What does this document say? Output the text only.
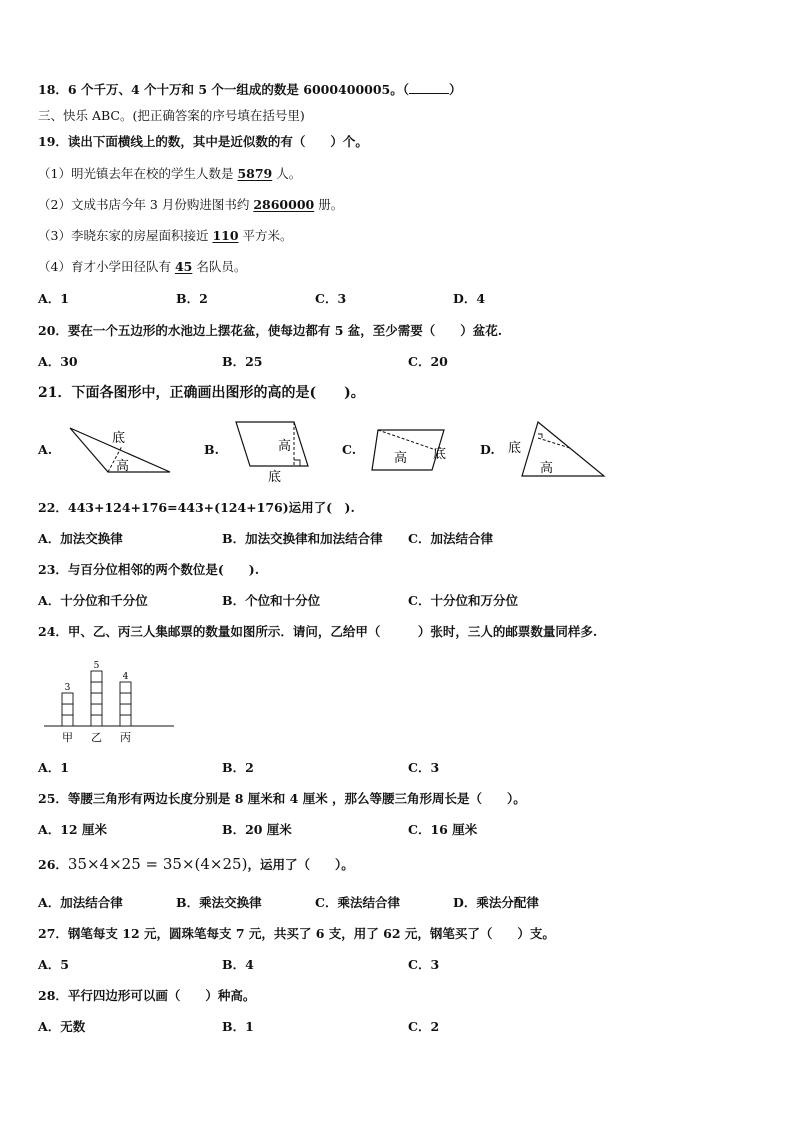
18．6 个千万、4 个十万和 5 个一组成的数是 6000400005。（	）
三、快乐 ABC。(把正确答案的序号填在括号里)
19．读出下面横线上的数，其中是近似数的有（　　）个。
（1）明光镇去年在校的学生人数是 5879 人。
（2）文成书店今年 3 月份购进图书约 2860000 册。
（3）李晓东家的房屋面积接近 110 平方米。
（4）育才小学田径队有 45 名队员。
A．1	B．2	C．3	D．4
20．要在一个五边形的水池边上摆花盆，使每边都有 5 盆，至少需要（　　）盆花.
A．30	B．25	C．20
21．下面各图形中，正确画出图形的高的是(　　)。
A.
底
高
B.	高
底
C.
高 底	D. 底
高
22．443+124+176=443+(124+176)运用了(　).
A．加法交换律	B．加法交换律和加法结合律 C．加法结合律
23．与百分位相邻的两个数位是(　　).
A．十分位和千分位	B．个位和十分位	C．十分位和万分位
24．甲、乙、丙三人集邮票的数量如图所示．请问，乙给甲（　　　）张时，三人的邮票数量同样多.
3
甲
5
乙
4
丙
A．1	B．2	C．3
25．等腰三角形有两边长度分别是 8 厘米和 4 厘米 ，那么等腰三角形周长是（　　）。
A．12 厘米	B．20 厘米	C．16 厘米
26．35×4×25 = 35×(4×25)，运用了（　　）。
A．加法结合律	B．乘法交换律	C．乘法结合律	D．乘法分配律
27．钢笔每支 12 元，圆珠笔每支 7 元，共买了 6 支，用了 62 元，钢笔买了（　　）支。
A．5	B．4	C．3
28．平行四边形可以画（　　）种高。
A．无数	B．1	C．2
